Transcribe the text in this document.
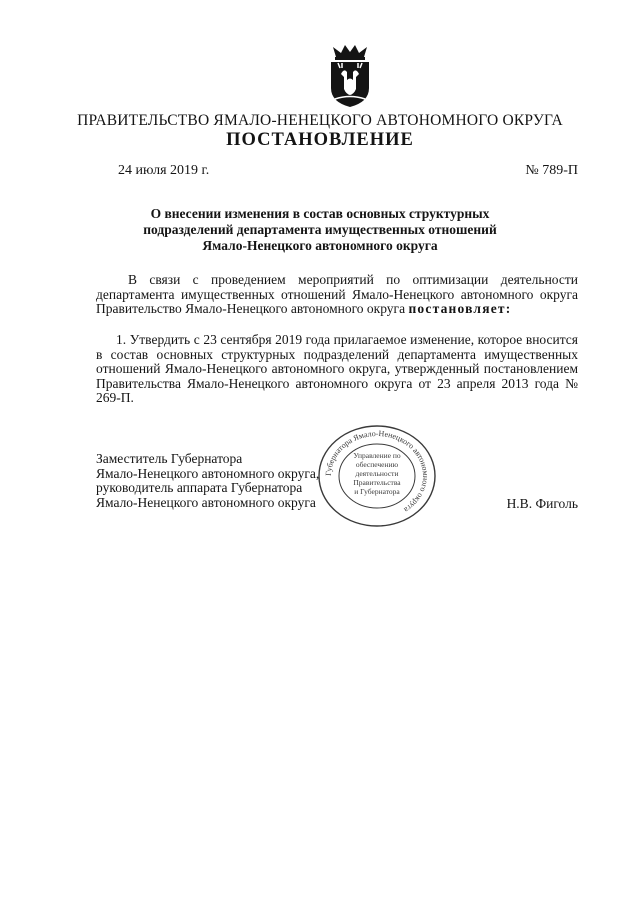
ПРАВИТЕЛЬСТВО ЯМАЛО-НЕНЕЦКОГО АВТОНОМНОГО ОКРУГА
ПОСТАНОВЛЕНИЕ
24 июля 2019 г.	№ 789-П
О внесении изменения в состав основных структурных
подразделений департамента имущественных отношений
Ямало-Ненецкого автономного округа
В связи с проведением мероприятий по оптимизации деятельности департамента имущественных отношений Ямало-Ненецкого автономного округа Правительство Ямало-Ненецкого автономного округа постановляет:
1. Утвердить с 23 сентября 2019 года прилагаемое изменение, которое вносится в состав основных структурных подразделений департамента имущественных отношений Ямало-Ненецкого автономного округа, утвержденный постановлением Правительства Ямало-Ненецкого автономного округа от 23 апреля 2013 года № 269-П.
Заместитель Губернатора
Ямало-Ненецкого автономного округа,
руководитель аппарата Губернатора
Ямало-Ненецкого автономного округа	Н.В. Фиголь
Губернатора Ямало-Ненецкого автономного округа
Управление по
обеспечению
деятельности
Правительства
и Губернатора
